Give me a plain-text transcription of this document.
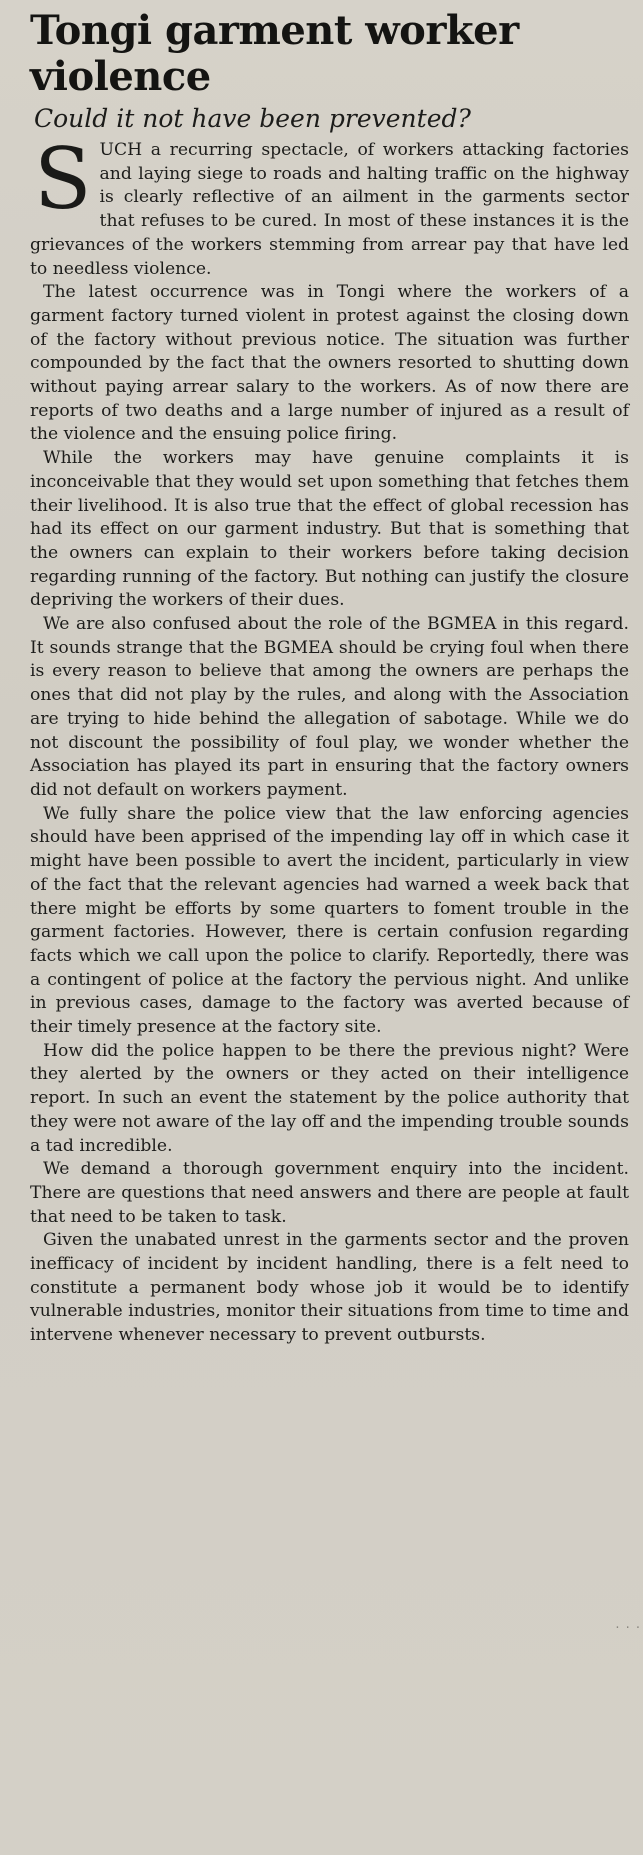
Tongi garment worker violence
Could it not have been prevented?

SUCH a recurring spectacle, of workers attacking factories and laying siege to roads and halting traffic on the highway is clearly reflective of an ailment in the garments sector that refuses to be cured. In most of these instances it is the grievances of the workers stemming from arrear pay that have led to needless violence.

The latest occurrence was in Tongi where the workers of a garment factory turned violent in protest against the closing down of the factory without previous notice. The situation was further compounded by the fact that the owners resorted to shutting down without paying arrear salary to the workers. As of now there are reports of two deaths and a large number of injured as a result of the violence and the ensuing police firing.

While the workers may have genuine complaints it is inconceivable that they would set upon something that fetches them their livelihood. It is also true that the effect of global recession has had its effect on our garment industry. But that is something that the owners can explain to their workers before taking decision regarding running of the factory. But nothing can justify the closure depriving the workers of their dues.

We are also confused about the role of the BGMEA in this regard. It sounds strange that the BGMEA should be crying foul when there is every reason to believe that among the owners are perhaps the ones that did not play by the rules, and along with the Association are trying to hide behind the allegation of sabotage. While we do not discount the possibility of foul play, we wonder whether the Association has played its part in ensuring that the factory owners did not default on workers payment.

We fully share the police view that the law enforcing agencies should have been apprised of the impending lay off in which case it might have been possible to avert the incident, particularly in view of the fact that the relevant agencies had warned a week back that there might be efforts by some quarters to foment trouble in the garment factories. However, there is certain confusion regarding facts which we call upon the police to clarify. Reportedly, there was a contingent of police at the factory the pervious night. And unlike in previous cases, damage to the factory was averted because of their timely presence at the factory site.

How did the police happen to be there the previous night? Were they alerted by the owners or they acted on their intelligence report. In such an event the statement by the police authority that they were not aware of the lay off and the impending trouble sounds a tad incredible.

We demand a thorough government enquiry into the incident. There are questions that need answers and there are people at fault that need to be taken to task.

Given the unabated unrest in the garments sector and the proven inefficacy of incident by incident handling, there is a felt need to constitute a permanent body whose job it would be to identify vulnerable industries, monitor their situations from time to time and intervene whenever necessary to prevent outbursts.

· · ·
